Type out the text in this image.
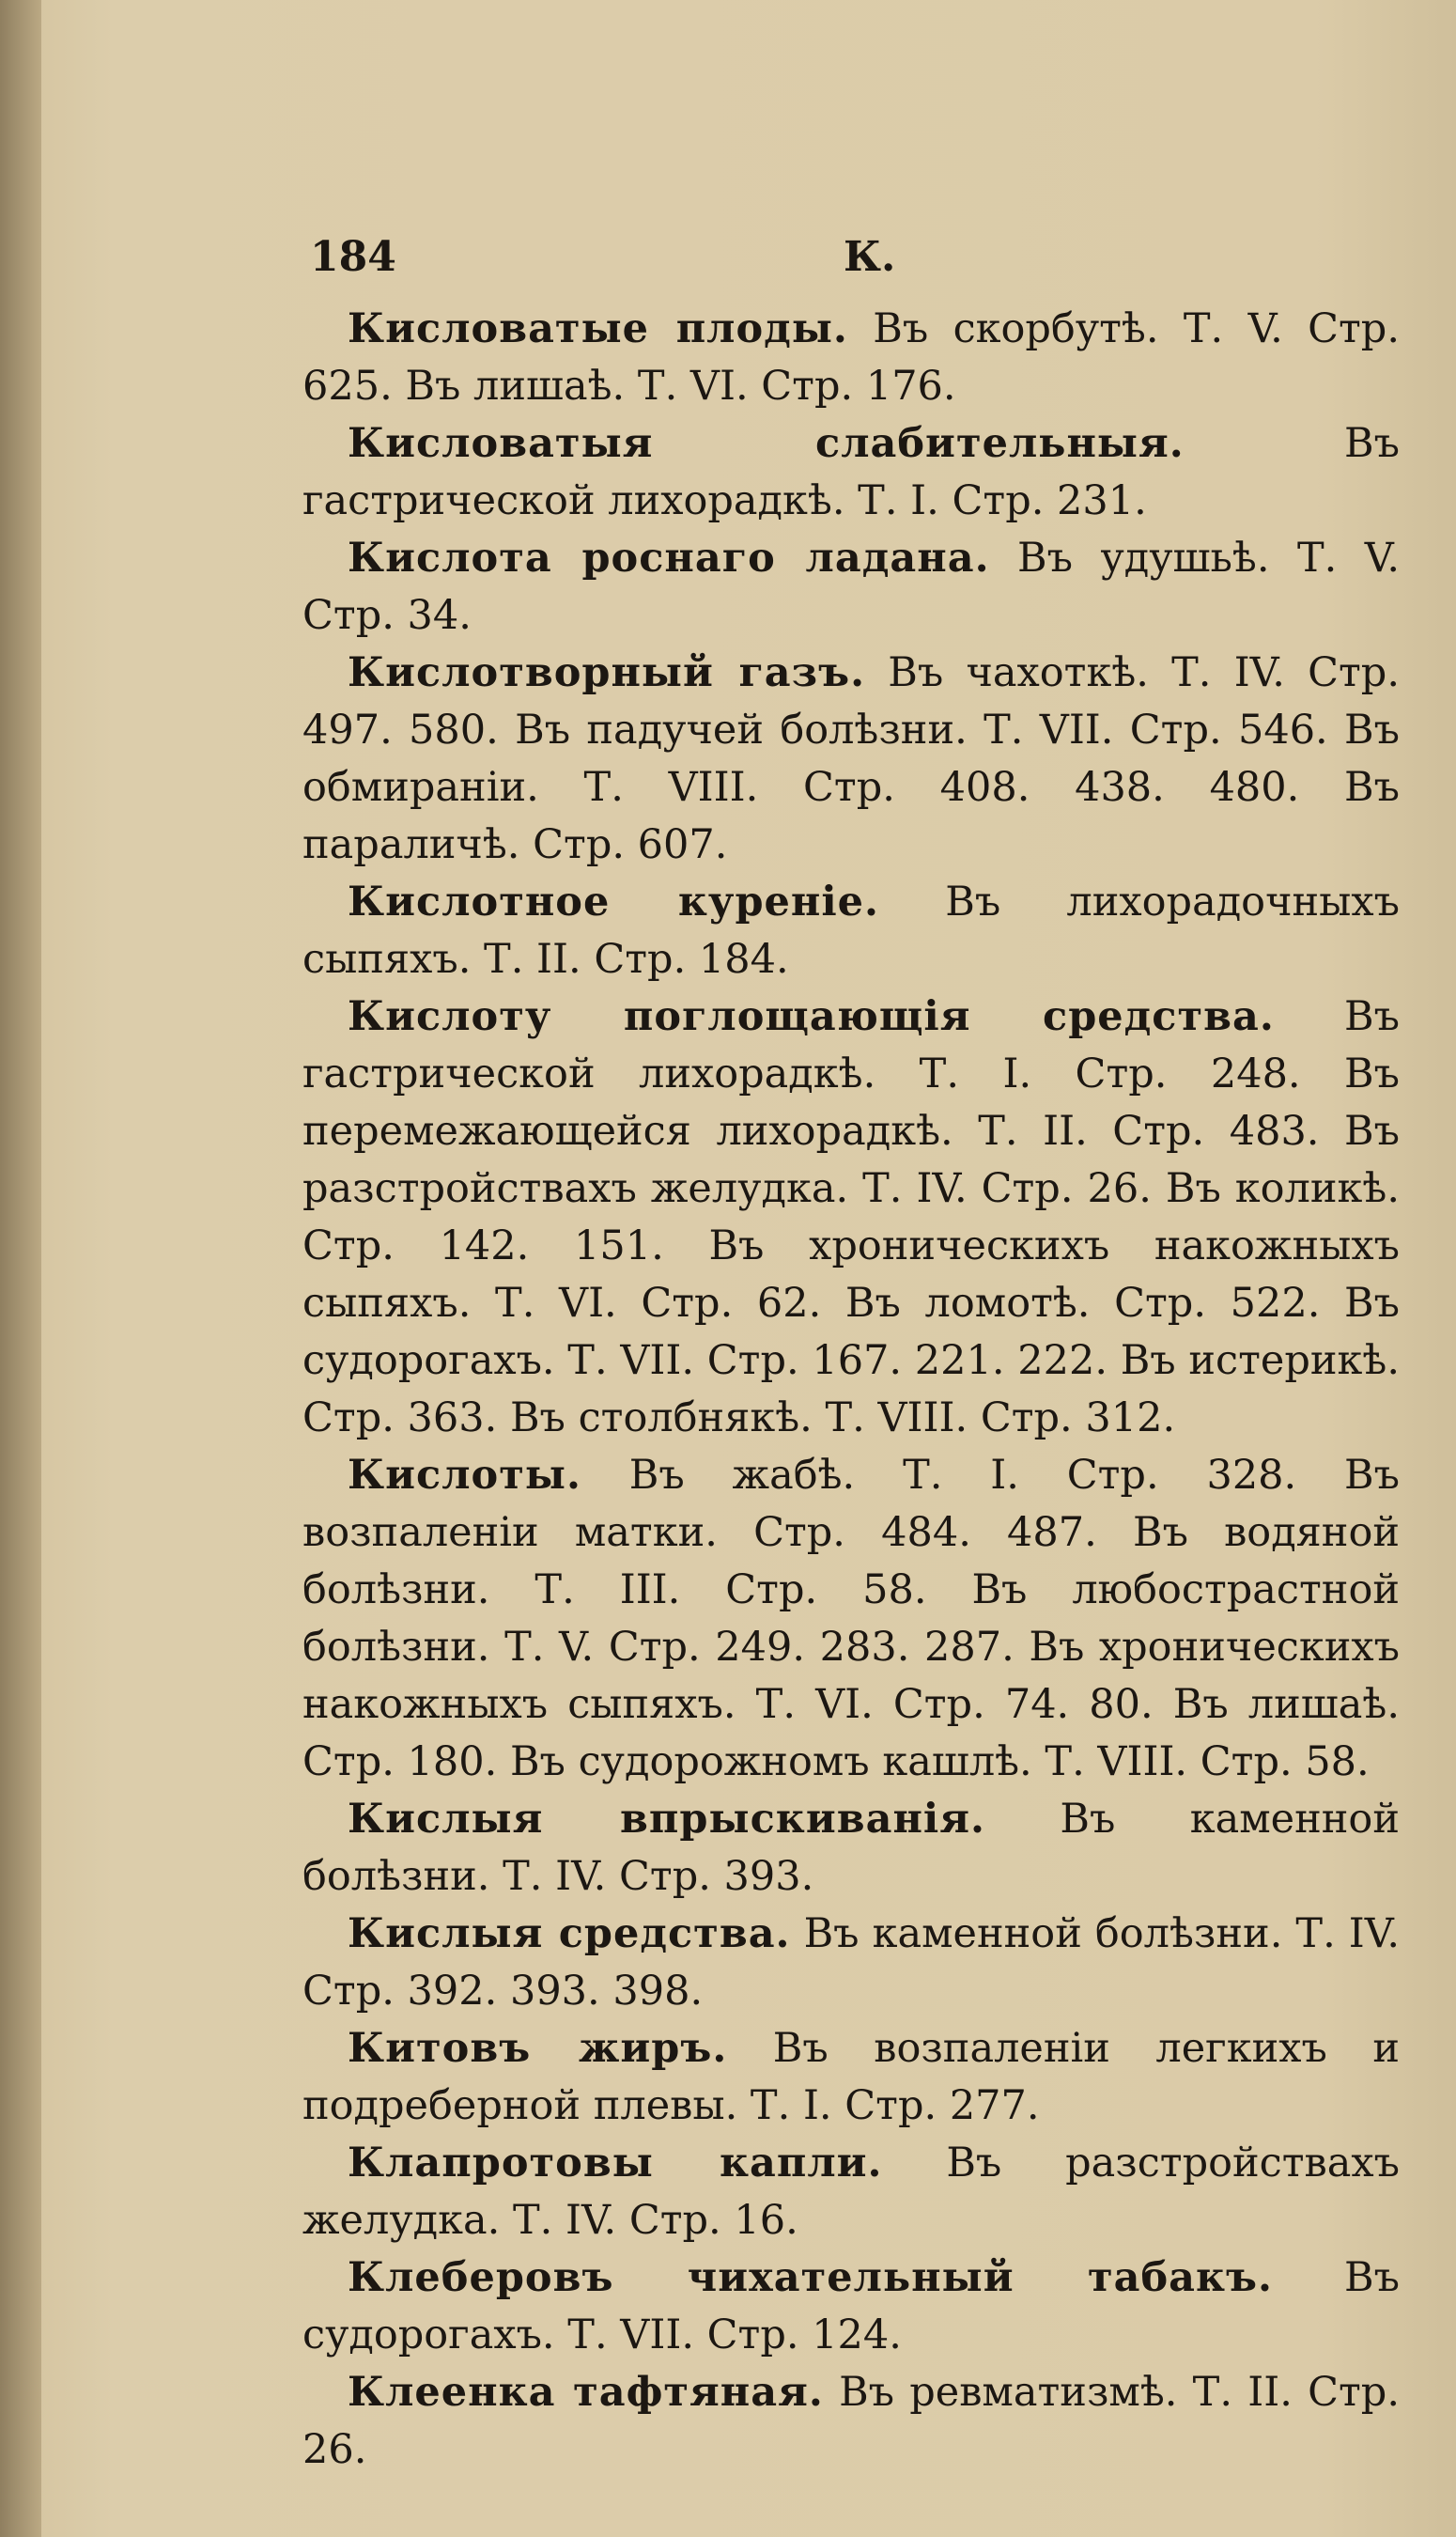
184	К.

Кисловатые плоды. Въ скорбутѣ. Т. V. Стр. 625. Въ лишаѣ. Т. VI. Стр. 176.

Кисловатыя слабительныя. Въ гастрической лихорадкѣ. Т. I. Стр. 231.

Кислота роснаго ладана. Въ удушьѣ. Т. V. Стр. 34.

Кислотворный газъ. Въ чахоткѣ. Т. IV. Стр. 497. 580. Въ падучей болѣзни. Т. VII. Стр. 546. Въ обмираніи. Т. VIII. Стр. 408. 438. 480. Въ параличѣ. Стр. 607.

Кислотное куреніе. Въ лихорадочныхъ сыпяхъ. Т. II. Стр. 184.

Кислоту поглощающія средства. Въ гастрической лихорадкѣ. Т. I. Стр. 248. Въ перемежающейся лихорадкѣ. Т. II. Стр. 483. Въ разстройствахъ желудка. Т. IV. Стр. 26. Въ коликѣ. Стр. 142. 151. Въ хроническихъ накожныхъ сыпяхъ. Т. VI. Стр. 62. Въ ломотѣ. Стр. 522. Въ судорогахъ. Т. VII. Стр. 167. 221. 222. Въ истерикѣ. Стр. 363. Въ столбнякѣ. Т. VIII. Стр. 312.

Кислоты. Въ жабѣ. Т. I. Стр. 328. Въ возпаленіи матки. Стр. 484. 487. Въ водяной болѣзни. Т. III. Стр. 58. Въ любострастной болѣзни. Т. V. Стр. 249. 283. 287. Въ хроническихъ накожныхъ сыпяхъ. Т. VI. Стр. 74. 80. Въ лишаѣ. Стр. 180. Въ судорожномъ кашлѣ. Т. VIII. Стр. 58.

Кислыя впрыскиванія. Въ каменной болѣзни. Т. IV. Стр. 393.

Кислыя средства. Въ каменной болѣзни. Т. IV. Стр. 392. 393. 398.

Китовъ жиръ. Въ возпаленіи легкихъ и подреберной плевы. Т. I. Стр. 277.

Клапротовы капли. Въ разстройствахъ желудка. Т. IV. Стр. 16.

Клеберовъ чихательный табакъ. Въ судорогахъ. Т. VII. Стр. 124.

Клеенка тафтяная. Въ ревматизмѣ. Т. II. Стр. 26.
